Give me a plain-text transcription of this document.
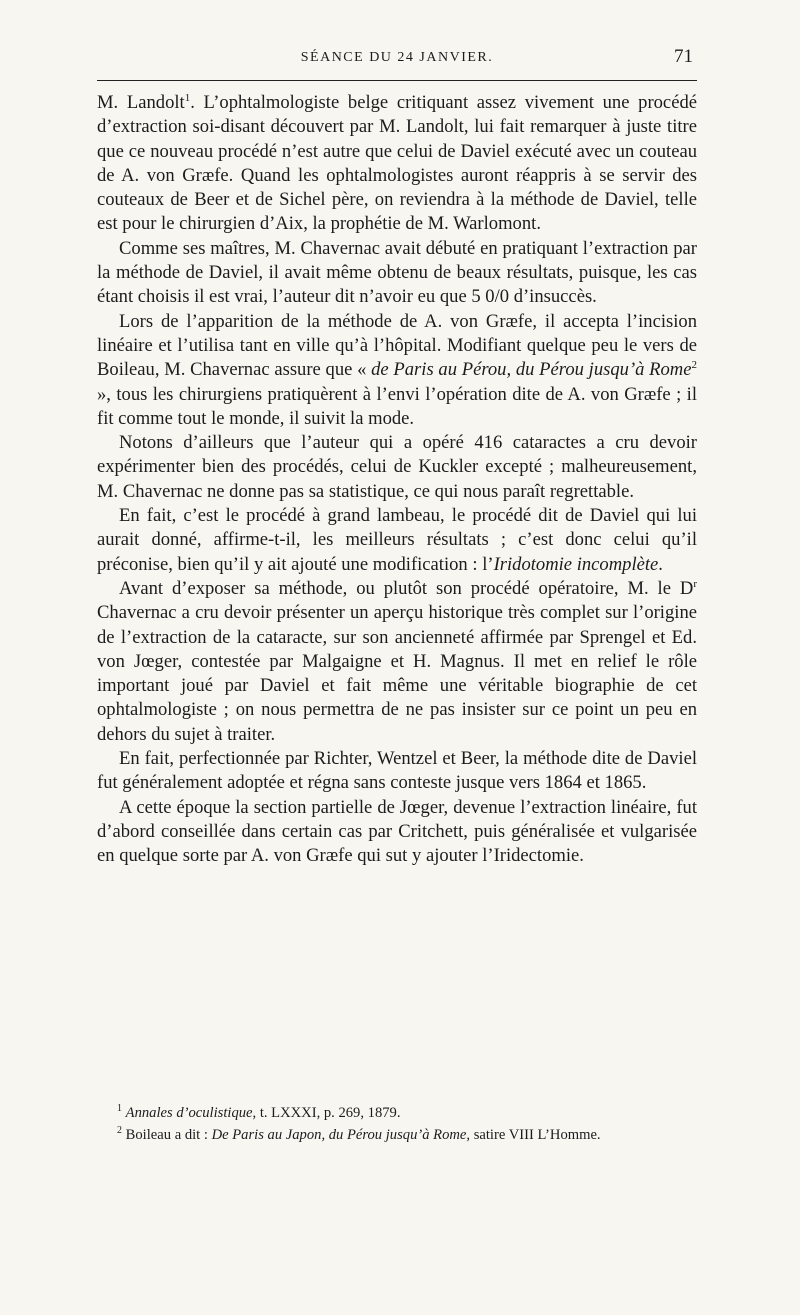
SÉANCE DU 24 JANVIER.	71

M. Landolt$^1$. L’ophtalmologiste belge critiquant assez vivement une procédé d’extraction soi-disant découvert par M. Landolt, lui fait remarquer à juste titre que ce nouveau procédé n’est autre que celui de Daviel exécuté avec un couteau de A. von Græfe. Quand les ophtalmologistes auront réappris à se servir des couteaux de Beer et de Sichel père, on reviendra à la méthode de Daviel, telle est pour le chirurgien d’Aix, la prophétie de M. Warlomont.

Comme ses maîtres, M. Chavernac avait débuté en pratiquant l’extraction par la méthode de Daviel, il avait même obtenu de beaux résultats, puisque, les cas étant choisis il est vrai, l’auteur dit n’avoir eu que 5 0/0 d’insuccès.

Lors de l’apparition de la méthode de A. von Græfe, il accepta l’incision linéaire et l’utilisa tant en ville qu’à l’hôpital. Modifiant quelque peu le vers de Boileau, M. Chavernac assure que « de Paris au Pérou, du Pérou jusqu’à Rome$^2$ », tous les chirurgiens pratiquèrent à l’envi l’opération dite de A. von Græfe ; il fit comme tout le monde, il suivit la mode.

Notons d’ailleurs que l’auteur qui a opéré 416 cataractes a cru devoir expérimenter bien des procédés, celui de Kuckler excepté ; malheureusement, M. Chavernac ne donne pas sa statistique, ce qui nous paraît regrettable.

En fait, c’est le procédé à grand lambeau, le procédé dit de Daviel qui lui aurait donné, affirme-t-il, les meilleurs résultats ; c’est donc celui qu’il préconise, bien qu’il y ait ajouté une modification : l’Iridotomie incomplète.

Avant d’exposer sa méthode, ou plutôt son procédé opératoire, M. le $D^r$ Chavernac a cru devoir présenter un aperçu historique très complet sur l’origine de l’extraction de la cataracte, sur son ancienneté affirmée par Sprengel et Ed. von Jœger, contestée par Malgaigne et H. Magnus. Il met en relief le rôle important joué par Daviel et fait même une véritable biographie de cet ophtalmologiste ; on nous permettra de ne pas insister sur ce point un peu en dehors du sujet à traiter.

En fait, perfectionnée par Richter, Wentzel et Beer, la méthode dite de Daviel fut généralement adoptée et régna sans conteste jusque vers 1864 et 1865.

A cette époque la section partielle de Jœger, devenue l’extraction linéaire, fut d’abord conseillée dans certain cas par Critchett, puis généralisée et vulgarisée en quelque sorte par A. von Græfe qui sut y ajouter l’Iridectomie.

$^1$ Annales d’oculistique, t. LXXXI, p. 269, 1879.

$^2$ Boileau a dit : De Paris au Japon, du Pérou jusqu’à Rome, satire VIII L’Homme.
